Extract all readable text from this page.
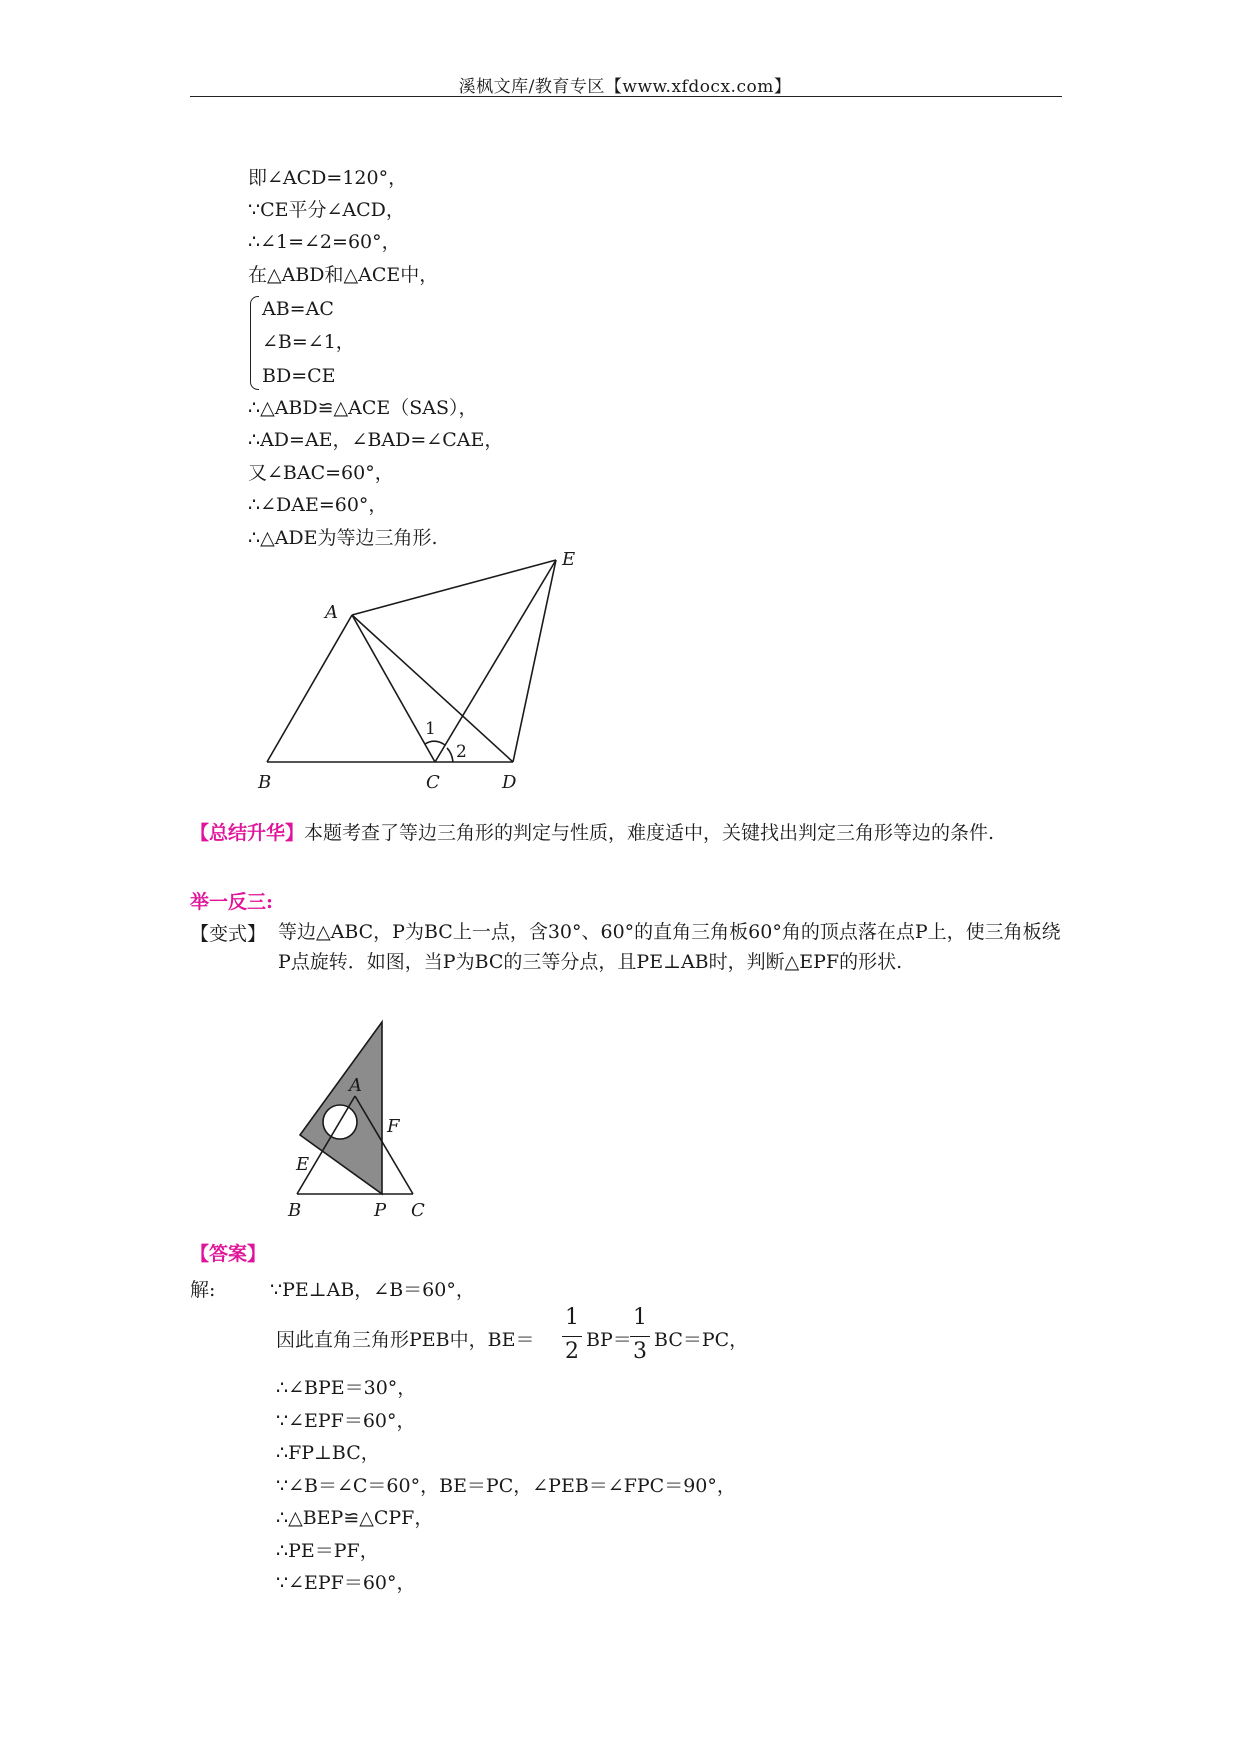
溪枫文库/教育专区【www.xfdocx.com】
即∠ACD=120°，
∵CE平分∠ACD，
∴∠1=∠2=60°，
在△ABD和△ACE中，
AB=AC
∠B=∠1，
BD=CE
∴△ABD≌△ACE（SAS），
∴AD=AE，∠BAD=∠CAE，
又∠BAC=60°，
∴∠DAE=60°，
∴△ADE为等边三角形.
A
B	C	D
E
1
2
【总结升华】本题考查了等边三角形的判定与性质，难度适中，关键找出判定三角形等边的条件.
举一反三:
【变式】 等边△ABC，P为BC上一点，含30°、60°的直角三角板60°角的顶点落在点P上，使三角板绕P点旋转．如图，当P为BC的三等分点，且PE⊥AB时，判断△EPF的形状.
A
F
E
B	P C
【答案】
解:	∵PE⊥AB，∠B＝60°，
因此直角三角形PEB中，BE＝
1
2 BP＝
1
3 BC＝PC，
∴∠BPE＝30°，
∵∠EPF＝60°，
∴FP⊥BC，
∵∠B＝∠C＝60°，BE＝PC，∠PEB＝∠FPC＝90°，
∴△BEP≌△CPF，
∴PE＝PF，
∵∠EPF＝60°，
